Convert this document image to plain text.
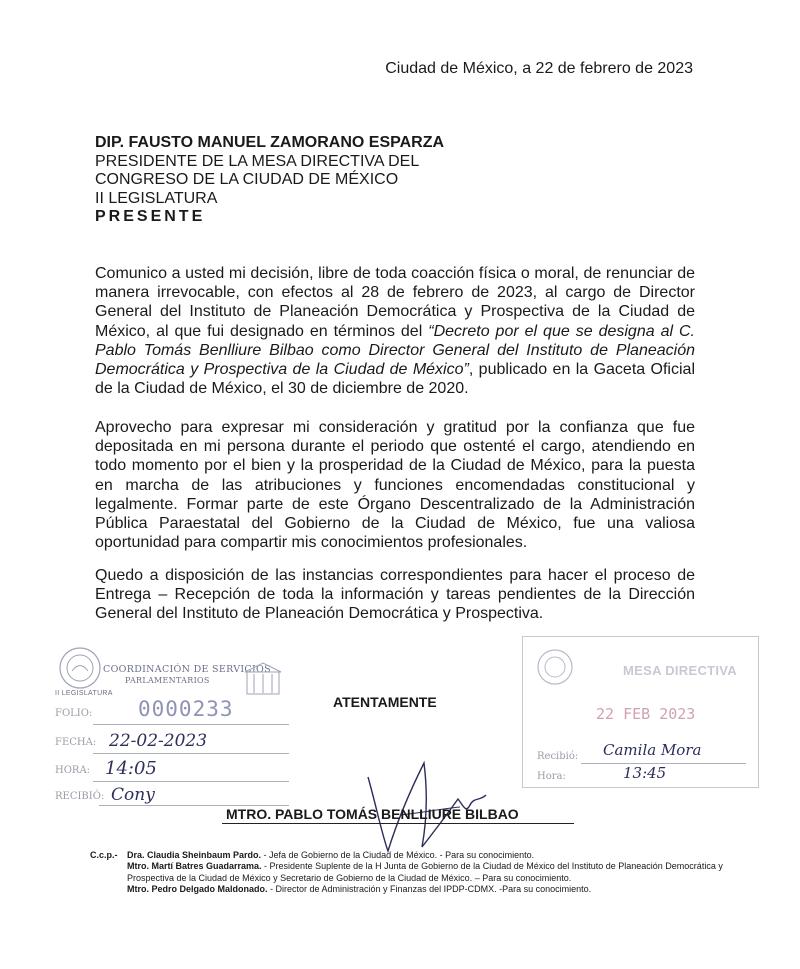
Ciudad de México, a 22 de febrero de 2023
DIP. FAUSTO MANUEL ZAMORANO ESPARZA
PRESIDENTE DE LA MESA DIRECTIVA DEL
CONGRESO DE LA CIUDAD DE MÉXICO
II LEGISLATURA
PRESENTE
Comunico a usted mi decisión, libre de toda coacción física o moral, de renunciar de manera irrevocable, con efectos al 28 de febrero de 2023, al cargo de Director General del Instituto de Planeación Democrática y Prospectiva de la Ciudad de México, al que fui designado en términos del “Decreto por el que se designa al C. Pablo Tomás Benlliure Bilbao como Director General del Instituto de Planeación Democrática y Prospectiva de la Ciudad de México”, publicado en la Gaceta Oficial de la Ciudad de México, el 30 de diciembre de 2020.
Aprovecho para expresar mi consideración y gratitud por la confianza que fue depositada en mi persona durante el periodo que ostenté el cargo, atendiendo en todo momento por el bien y la prosperidad de la Ciudad de México, para la puesta en marcha de las atribuciones y funciones encomendadas constitucional y legalmente. Formar parte de este Órgano Descentralizado de la Administración Pública Paraestatal del Gobierno de la Ciudad de México, fue una valiosa oportunidad para compartir mis conocimientos profesionales.
Quedo a disposición de las instancias correspondientes para hacer el proceso de Entrega – Recepción de toda la información y tareas pendientes de la Dirección General del Instituto de Planeación Democrática y Prospectiva.
II LEGISLATURA
COORDINACIÓN DE SERVICIOS
PARLAMENTARIOS
FOLIO: 0000233
FECHA: 22-02-2023
HORA: 14:05
RECIBIÓ: Cony
ATENTAMENTE
MTRO. PABLO TOMÁS BENLLIURE BILBAO
MESA DIRECTIVA
22 FEB 2023
Recibió: Camila Mora
Hora:	13:45
C.c.p.- Dra. Claudia Sheinbaum Pardo. - Jefa de Gobierno de la Ciudad de México. - Para su conocimiento.
Mtro. Martí Batres Guadarrama. - Presidente Suplente de la H Junta de Gobierno de la Ciudad de México del Instituto de Planeación Democrática y Prospectiva de la Ciudad de México y Secretario de Gobierno de la Ciudad de México. – Para su conocimiento.
Mtro. Pedro Delgado Maldonado. - Director de Administración y Finanzas del IPDP-CDMX. -Para su conocimiento.
